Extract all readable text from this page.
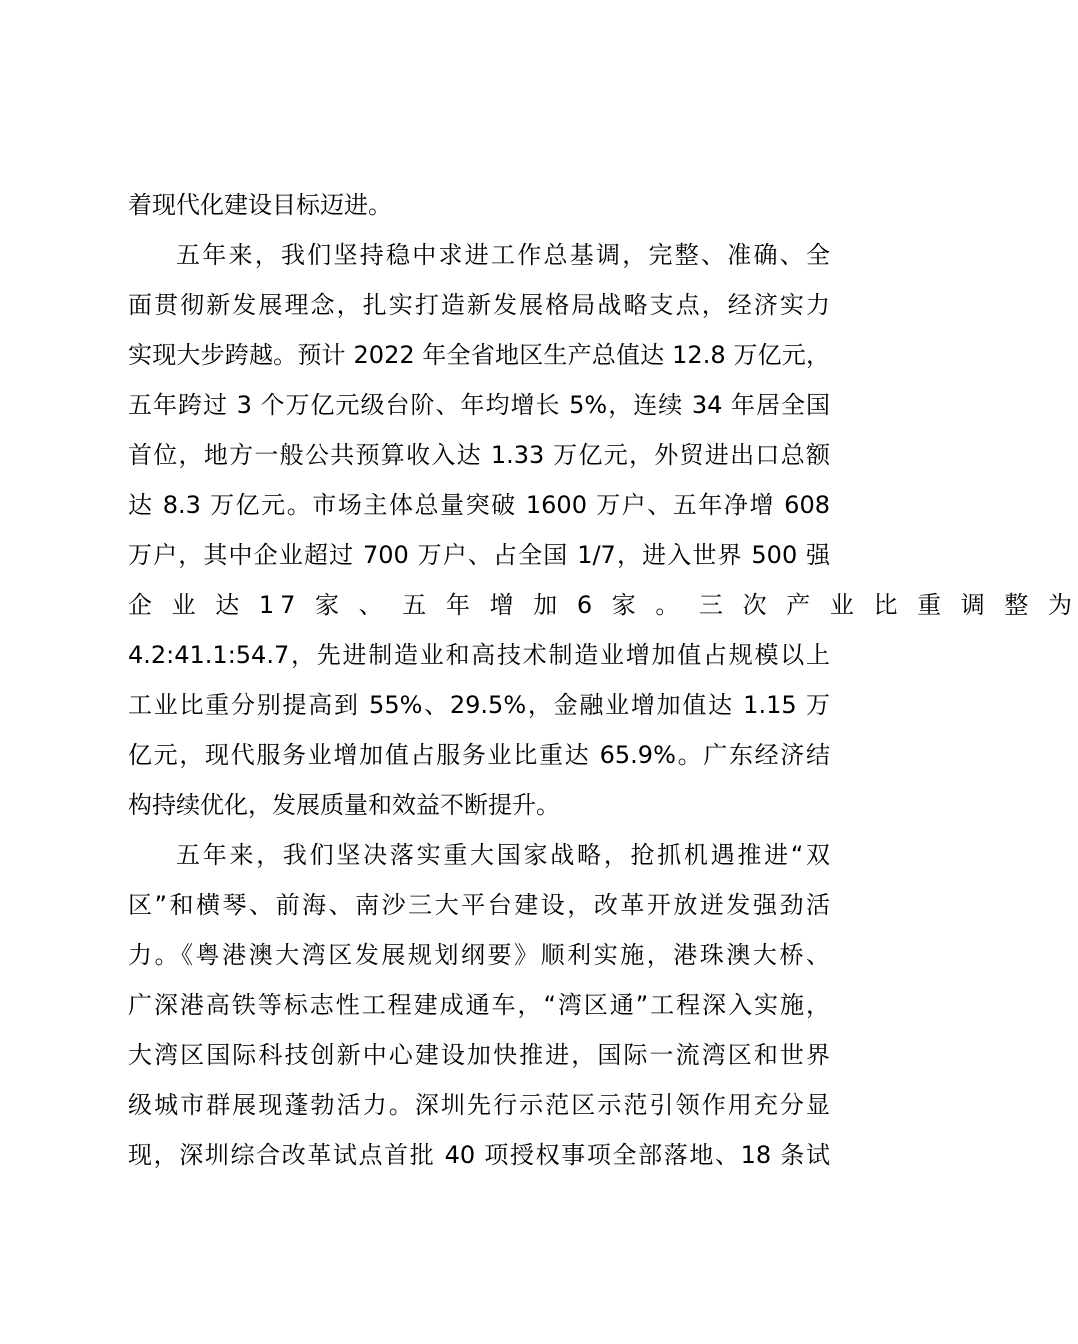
着现代化建设目标迈进。
五年来，我们坚持稳中求进工作总基调，完整、准确、全
面贯彻新发展理念，扎实打造新发展格局战略支点，经济实力
实现大步跨越。预计 2022 年全省地区生产总值达 12.8 万亿元，
五年跨过 3 个万亿元级台阶、年均增长 5%，连续 34 年居全国
首位，地方一般公共预算收入达 1.33 万亿元，外贸进出口总额
达 8.3 万亿元。市场主体总量突破 1600 万户、五年净增 608
万户，其中企业超过 700 万户、占全国 1/7，进入世界 500 强
企 业 达 17 家 、 五 年 增 加 6 家 。 三 次 产 业 比 重 调 整 为
4.2:41.1:54.7，先进制造业和高技术制造业增加值占规模以上
工业比重分别提高到 55%、29.5%，金融业增加值达 1.15 万
亿元，现代服务业增加值占服务业比重达 65.9%。广东经济结
构持续优化，发展质量和效益不断提升。
五年来，我们坚决落实重大国家战略，抢抓机遇推进“双
区”和横琴、前海、南沙三大平台建设，改革开放迸发强劲活
力。《粤港澳大湾区发展规划纲要》顺利实施，港珠澳大桥、
广深港高铁等标志性工程建成通车，“湾区通”工程深入实施，
大湾区国际科技创新中心建设加快推进，国际一流湾区和世界
级城市群展现蓬勃活力。深圳先行示范区示范引领作用充分显
现，深圳综合改革试点首批 40 项授权事项全部落地、18 条试
